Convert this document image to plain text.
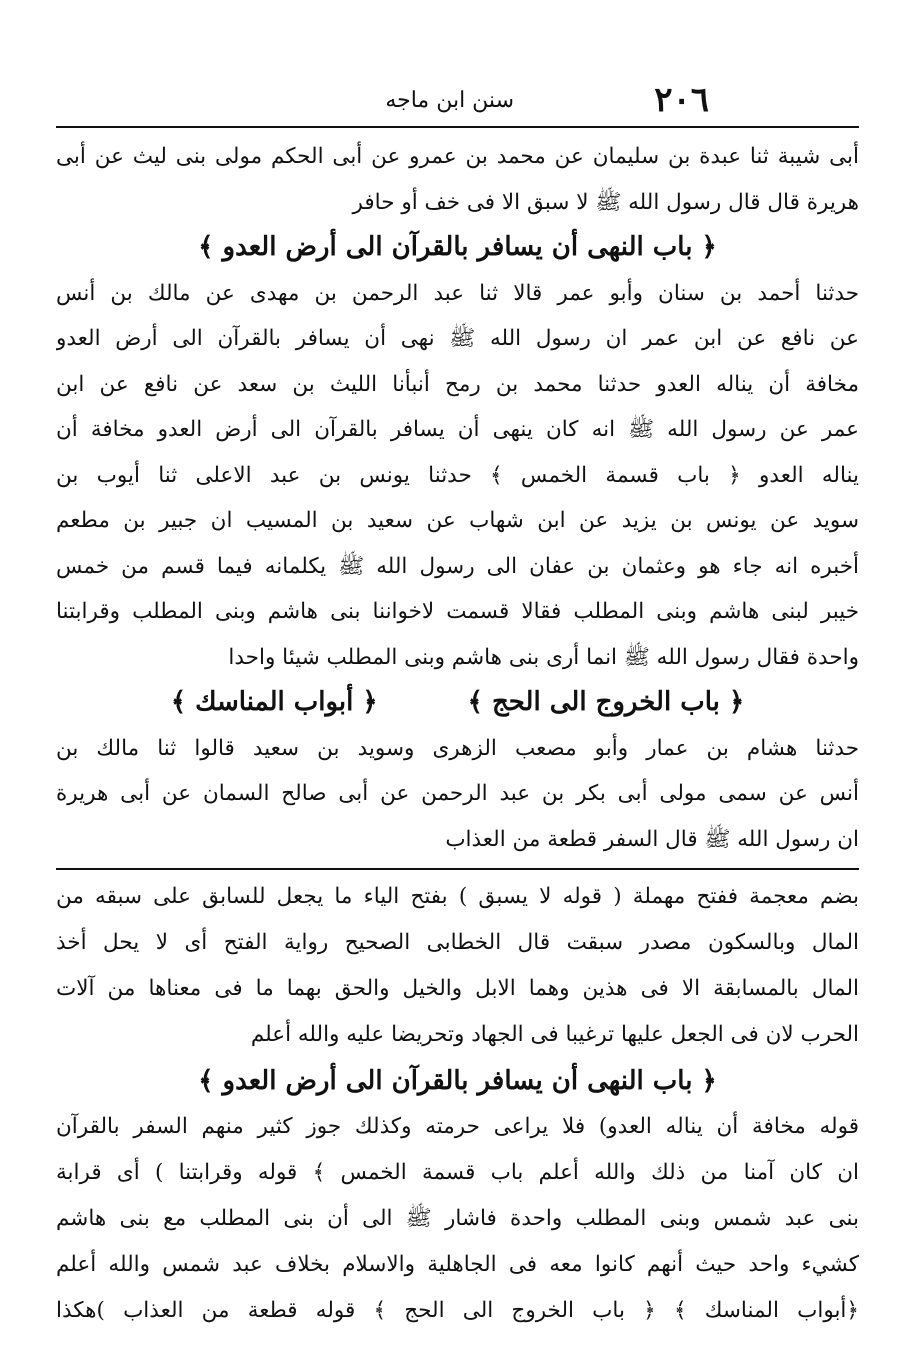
٢٠٦
سنن ابن ماجه
أبى شيبة ثنا عبدة بن سليمان عن محمد بن عمرو عن أبى الحكم مولى بنى ليث عن أبى
هريرة قال قال رسول الله ﷺ لا سبق الا فى خف أو حافر
﴿ باب النهى أن يسافر بالقرآن الى أرض العدو ﴾
حدثنا أحمد بن سنان وأبو عمر قالا ثنا عبد الرحمن بن مهدى عن مالك بن أنس
عن نافع عن ابن عمر ان رسول الله ﷺ نهى أن يسافر بالقرآن الى أرض العدو
مخافة أن يناله العدو حدثنا محمد بن رمح أنبأنا الليث بن سعد عن نافع عن ابن
عمر عن رسول الله ﷺ انه كان ينهى أن يسافر بالقرآن الى أرض العدو مخافة أن
يناله العدو ﴿ باب قسمة الخمس ﴾ حدثنا يونس بن عبد الاعلى ثنا أيوب بن
سويد عن يونس بن يزيد عن ابن شهاب عن سعيد بن المسيب ان جبير بن مطعم
أخبره انه جاء هو وعثمان بن عفان الى رسول الله ﷺ يكلمانه فيما قسم من خمس
خيبر لبنى هاشم وبنى المطلب فقالا قسمت لاخواننا بنى هاشم وبنى المطلب وقرابتنا
واحدة فقال رسول الله ﷺ انما أرى بنى هاشم وبنى المطلب شيئا واحدا
﴿ باب الخروج الى الحج ﴾
﴿ أبواب المناسك ﴾
حدثنا هشام بن عمار وأبو مصعب الزهرى وسويد بن سعيد قالوا ثنا مالك بن
أنس عن سمى مولى أبى بكر بن عبد الرحمن عن أبى صالح السمان عن أبى هريرة
ان رسول الله ﷺ قال السفر قطعة من العذاب
بضم معجمة ففتح مهملة ( قوله لا يسبق ) بفتح الياء ما يجعل للسابق على سبقه من
المال وبالسكون مصدر سبقت قال الخطابى الصحيح رواية الفتح أى لا يحل أخذ
المال بالمسابقة الا فى هذين وهما الابل والخيل والحق بهما ما فى معناها من آلات
الحرب لان فى الجعل عليها ترغيبا فى الجهاد وتحريضا عليه والله أعلم
﴿ باب النهى أن يسافر بالقرآن الى أرض العدو ﴾
قوله مخافة أن يناله العدو) فلا يراعى حرمته وكذلك جوز كثير منهم السفر بالقرآن
ان كان آمنا من ذلك والله أعلم باب قسمة الخمس ﴾ قوله وقرابتنا ) أى قرابة
بنى عبد شمس وبنى المطلب واحدة فاشار ﷺ الى أن بنى المطلب مع بنى هاشم
كشيء واحد حيث أنهم كانوا معه فى الجاهلية والاسلام بخلاف عبد شمس والله أعلم
﴿أبواب المناسك ﴾ ﴿ باب الخروج الى الحج ﴾ قوله قطعة من العذاب )هكذا
